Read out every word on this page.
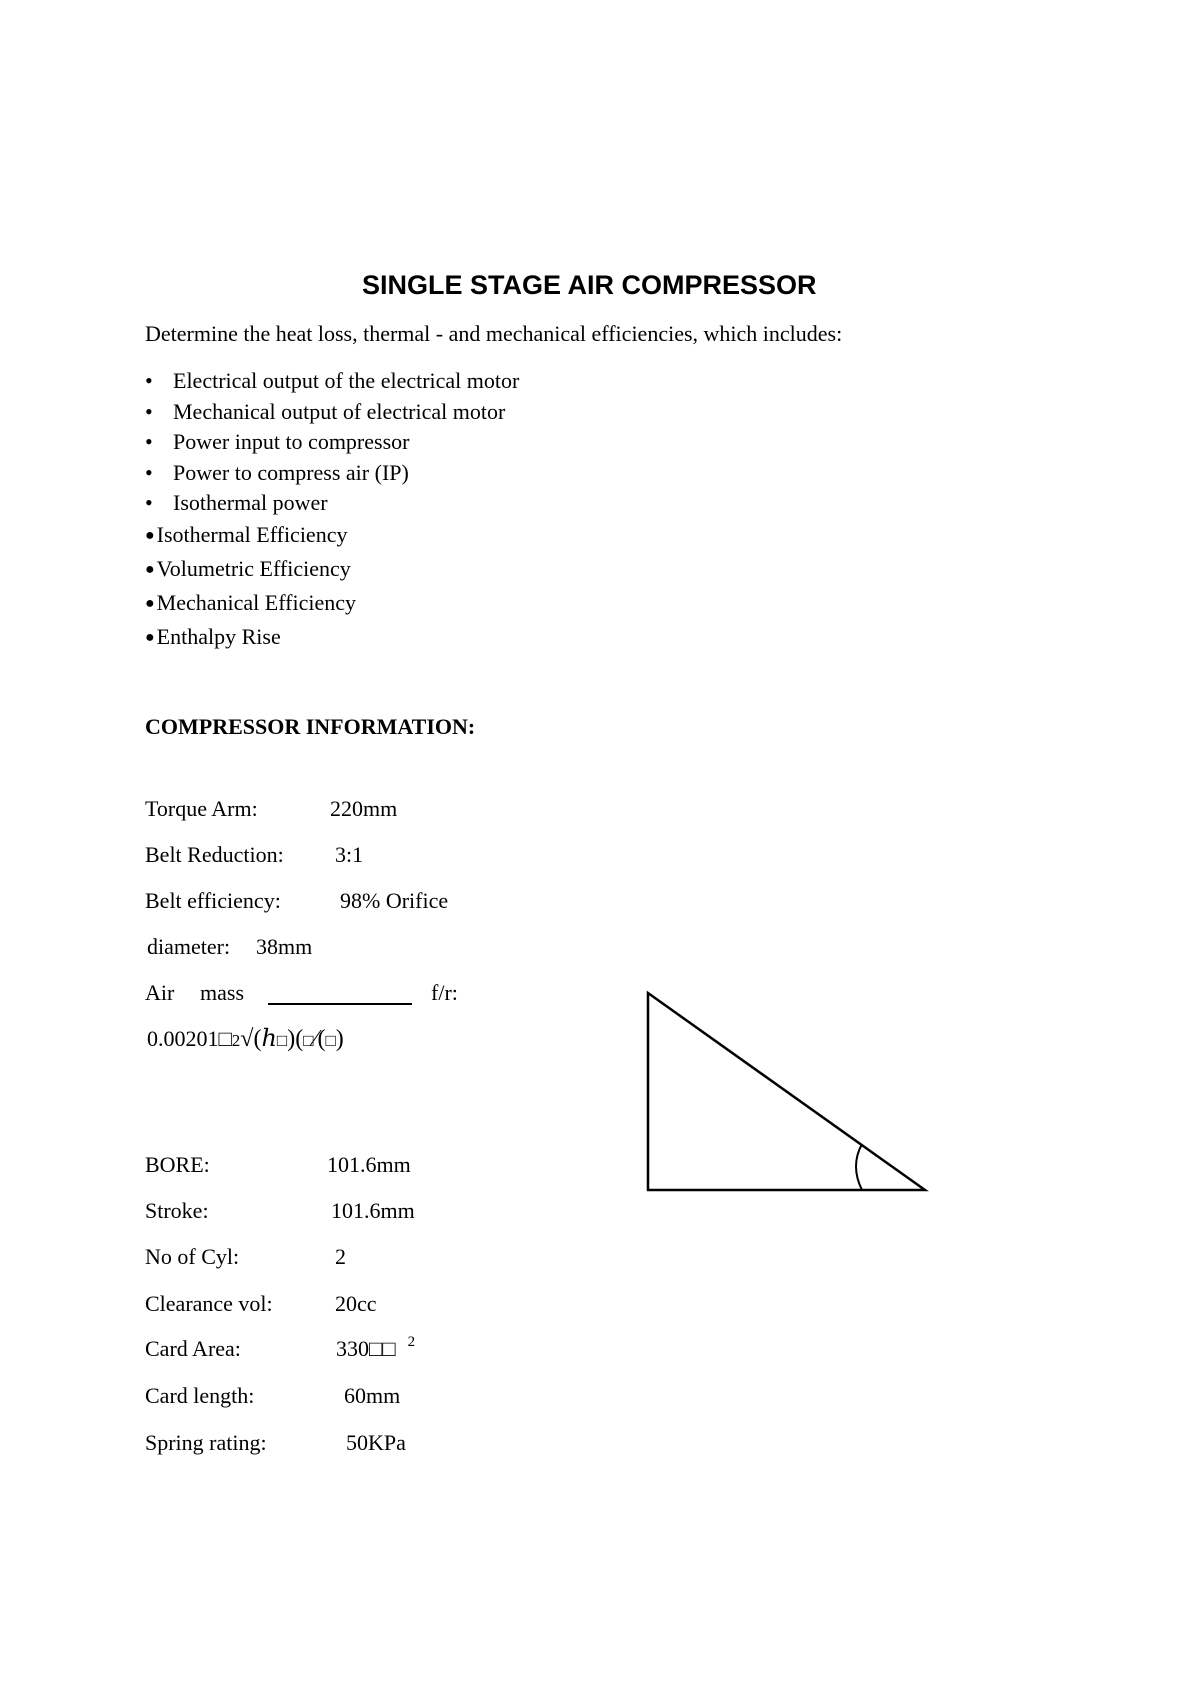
SINGLE STAGE AIR COMPRESSOR
Determine the heat loss, thermal - and mechanical efficiencies, which includes:
• Electrical output of the electrical motor
• Mechanical output of electrical motor
• Power input to compressor
• Power to compress air (IP)
• Isothermal power
●Isothermal Efficiency
●Volumetric Efficiency
●Mechanical Efficiency
●Enthalpy Rise
COMPRESSOR INFORMATION:
Torque Arm:	220mm
Belt Reduction: 3:1
Belt efficiency:	98% Orifice
diameter: 38mm
Air mass	f/r:
0.00201□2√(ℎ□)(□⁄(□)
BORE:	101.6mm
Stroke:	101.6mm
No of Cyl:	2
Clearance vol:	20cc
Card Area:	330□□ $^2$
Card length:	60mm
Spring rating:	50KPa
